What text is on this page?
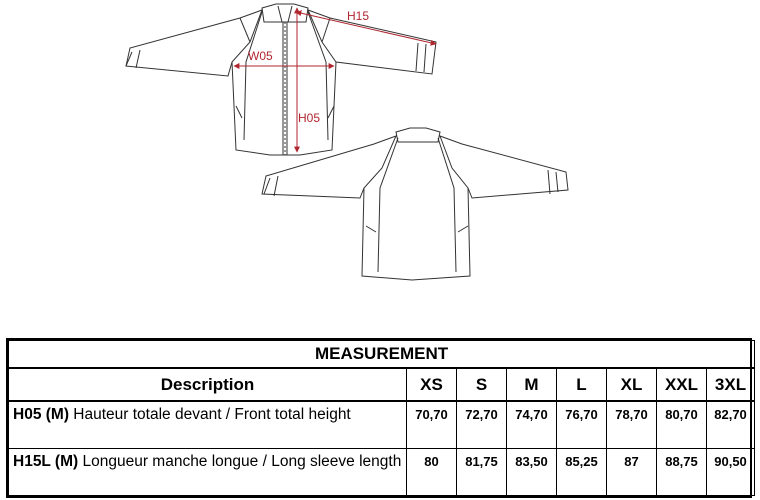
H15
W05
H05
MEASUREMENT							
Description	XS	S	M	L	XL	XXL	3XL
H05 (M) Hauteur totale devant / Front total height	70,70	72,70	74,70	76,70	78,70	80,70	82,70
H15L (M) Longueur manche longue / Long sleeve length	80	81,75	83,50	85,25	87	88,75	90,50
